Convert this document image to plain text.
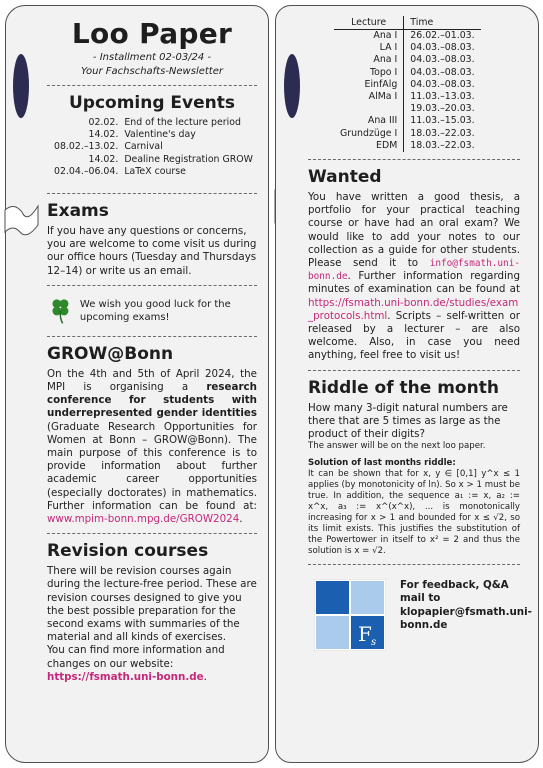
Loo Paper
- Installment 02-03/24 -
Your Fachschafts-Newsletter
Upcoming Events
02.02.	End of the lecture period
14.02.	Valentine's day
08.02.–13.02.	Carnival
14.02.	Dealine Registration GROW
02.04.–06.04.	LaTeX course
Exams

If you have any questions or concerns, you are welcome to come visit us during our office hours (Tuesday and Thursdays 12–14) or write us an email.

We wish you good luck for the upcoming exams!

GROW@Bonn

On the 4th and 5th of April 2024, the MPI is organising a research conference for students with underrepresented gender identities (Graduate Research Opportunities for Women at Bonn – GROW@Bonn). The main purpose of this conference is to provide information about further academic career opportunities (especially doctorates) in mathematics. Further information can be found at: www.mpim-bonn.mpg.de/GROW2024.

Revision courses

There will be revision courses again during the lecture-free period. These are revision courses designed to give you the best possible preparation for the second exams with summaries of the material and all kinds of exercises.

You can find more information and changes on our website: https://fsmath.uni-bonn.de.

Lecture	Time
Ana I	26.02.–01.03.
LA I	04.03.–08.03.
Ana I	04.03.–08.03.
Topo I	04.03.–08.03.
EinfAlg	04.03.–08.03.
AlMa I	11.03.–13.03.
	19.03.–20.03.
Ana III	11.03.–15.03.
Grundzüge I	18.03.–22.03.
EDM	18.03.–22.03.
Wanted

You have written a good thesis, a portfolio for your practical teaching course or have had an oral exam? We would like to add your notes to our collection as a guide for other students. Please send it to info@fsmath.uni-bonn.de. Further information regarding minutes of examination can be found at https://fsmath.uni-bonn.de/studies/exam_protocols.html. Scripts – self-written or released by a lecturer – are also welcome. Also, in case you need anything, feel free to visit us!

Riddle of the month

How many 3-digit natural numbers are there that are 5 times as large as the product of their digits?

The answer will be on the next loo paper.

Solution of last months riddle:

It can be shown that for x, y ∈ [0,1] y^x ≤ 1 applies (by monotonicity of ln). So x > 1 must be true. In addition, the sequence a₁ := x, a₂ := x^x, a₃ := x^(x^x), ... is monotonically increasing for x > 1 and bounded for x ≤ √2, so its limit exists. This justifies the substitution of the Powertower in itself to x² = 2 and thus the solution is x = √2.

F s

For feedback, Q&A mail to klopapier@fsmath.uni-bonn.de
